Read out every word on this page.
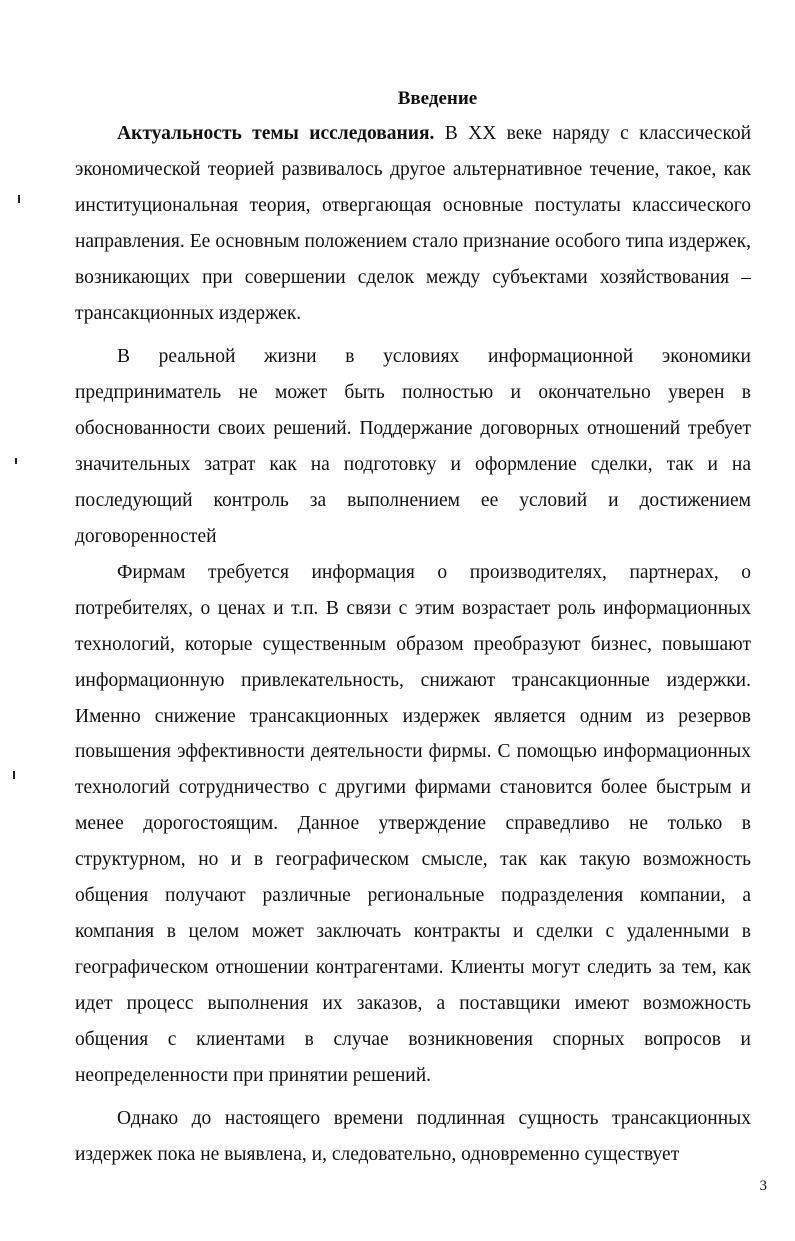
Введение

Актуальность темы исследования. В XX веке наряду с классической экономической теорией развивалось другое альтернативное течение, такое, как институциональная теория, отвергающая основные постулаты классического направления. Ее основным положением стало признание особого типа издержек, возникающих при совершении сделок между субъектами хозяйствования – трансакционных издержек.

В реальной жизни в условиях информационной экономики предприниматель не может быть полностью и окончательно уверен в обоснованности своих решений. Поддержание договорных отношений требует значительных затрат как на подготовку и оформление сделки, так и на последующий контроль за выполнением ее условий и достижением договоренностей

Фирмам требуется информация о производителях, партнерах, о потребителях, о ценах и т.п. В связи с этим возрастает роль информационных технологий, которые существенным образом преобразуют бизнес, повышают информационную привлекательность, снижают трансакционные издержки. Именно снижение трансакционных издержек является одним из резервов повышения эффективности деятельности фирмы. С помощью информационных технологий сотрудничество с другими фирмами становится более быстрым и менее дорогостоящим. Данное утверждение справедливо не только в структурном, но и в географическом смысле, так как такую возможность общения получают различные региональные подразделения компании, а компания в целом может заключать контракты и сделки с удаленными в географическом отношении контрагентами. Клиенты могут следить за тем, как идет процесс выполнения их заказов, а поставщики имеют возможность общения с клиентами в случае возникновения спорных вопросов и неопределенности при принятии решений.

Однако до настоящего времени подлинная сущность трансакционных издержек пока не выявлена, и, следовательно, одновременно существует

3
